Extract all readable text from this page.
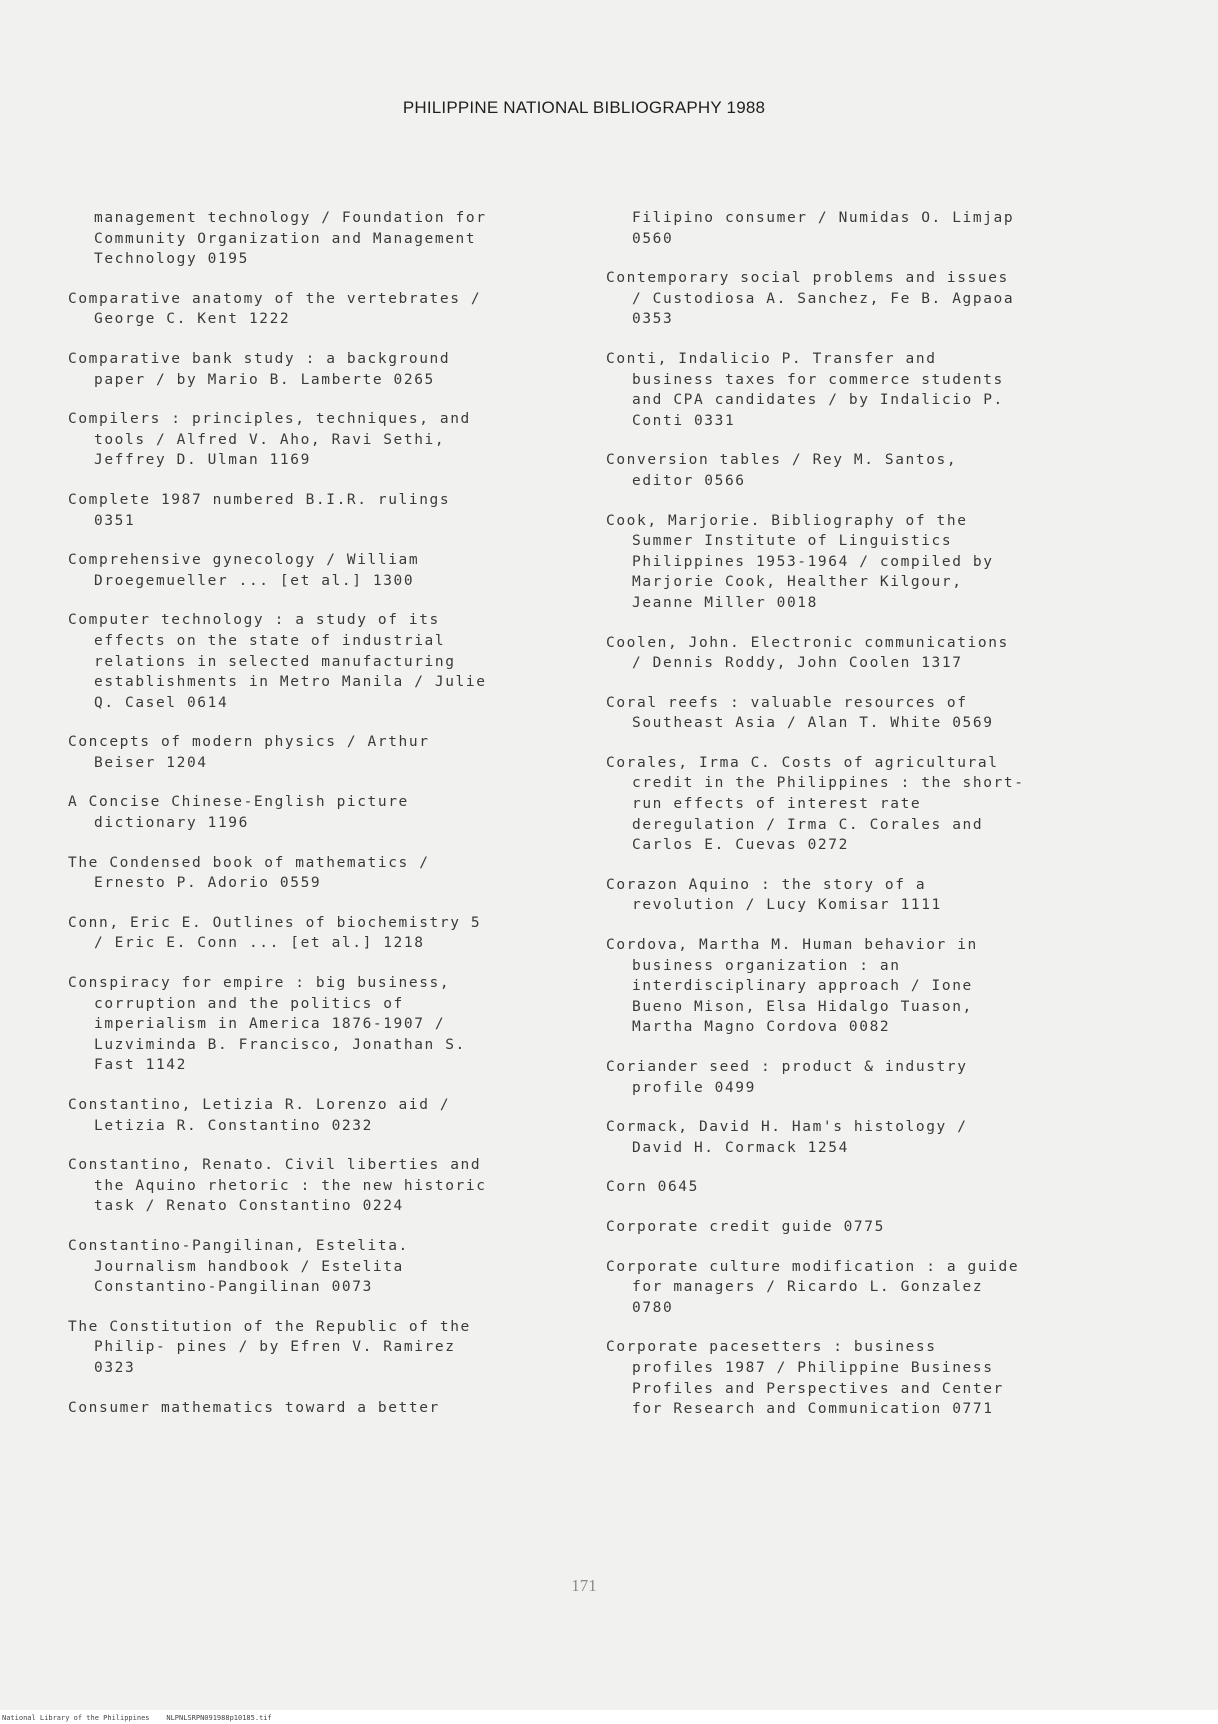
PHILIPPINE NATIONAL BIBLIOGRAPHY 1988

management technology / Foundation for
Community Organization and Management
Technology 0195

Comparative anatomy of the vertebrates /
George C. Kent 1222

Comparative bank study : a background
paper / by Mario B. Lamberte 0265

Compilers : principles, techniques, and
tools / Alfred V. Aho, Ravi Sethi,
Jeffrey D. Ulman 1169

Complete 1987 numbered B.I.R. rulings
0351

Comprehensive gynecology / William
Droegemueller ... [et al.] 1300

Computer technology : a study of its
effects on the state of industrial
relations in selected manufacturing
establishments in Metro Manila / Julie
Q. Casel 0614

Concepts of modern physics / Arthur
Beiser 1204

A Concise Chinese-English picture
dictionary 1196

The Condensed book of mathematics /
Ernesto P. Adorio 0559

Conn, Eric E. Outlines of biochemistry 5
/ Eric E. Conn ... [et al.] 1218

Conspiracy for empire : big business,
corruption and the politics of
imperialism in America 1876-1907 /
Luzviminda B. Francisco, Jonathan S.
Fast 1142

Constantino, Letizia R. Lorenzo aid /
Letizia R. Constantino 0232

Constantino, Renato. Civil liberties and
the Aquino rhetoric : the new historic
task / Renato Constantino 0224

Constantino-Pangilinan, Estelita.
Journalism handbook / Estelita
Constantino-Pangilinan 0073

The Constitution of the Republic of the
Philip- pines / by Efren V. Ramirez
0323

Consumer mathematics toward a better

Filipino consumer / Numidas O. Limjap
0560

Contemporary social problems and issues
/ Custodiosa A. Sanchez, Fe B. Agpaoa
0353

Conti, Indalicio P. Transfer and
business taxes for commerce students
and CPA candidates / by Indalicio P.
Conti 0331

Conversion tables / Rey M. Santos,
editor 0566

Cook, Marjorie. Bibliography of the
Summer Institute of Linguistics
Philippines 1953-1964 / compiled by
Marjorie Cook, Healther Kilgour,
Jeanne Miller 0018

Coolen, John. Electronic communications
/ Dennis Roddy, John Coolen 1317

Coral reefs : valuable resources of
Southeast Asia / Alan T. White 0569

Corales, Irma C. Costs of agricultural
credit in the Philippines : the short-
run effects of interest rate
deregulation / Irma C. Corales and
Carlos E. Cuevas 0272

Corazon Aquino : the story of a
revolution / Lucy Komisar 1111

Cordova, Martha M. Human behavior in
business organization : an
interdisciplinary approach / Ione
Bueno Mison, Elsa Hidalgo Tuason,
Martha Magno Cordova 0082

Coriander seed : product & industry
profile 0499

Cormack, David H. Ham's histology /
David H. Cormack 1254

Corn 0645

Corporate credit guide 0775

Corporate culture modification : a guide
for managers / Ricardo L. Gonzalez
0780

Corporate pacesetters : business
profiles 1987 / Philippine Business
Profiles and Perspectives and Center
for Research and Communication 0771

171
National Library of the Philippines    NLPNLSRPN091988p10185.tif
